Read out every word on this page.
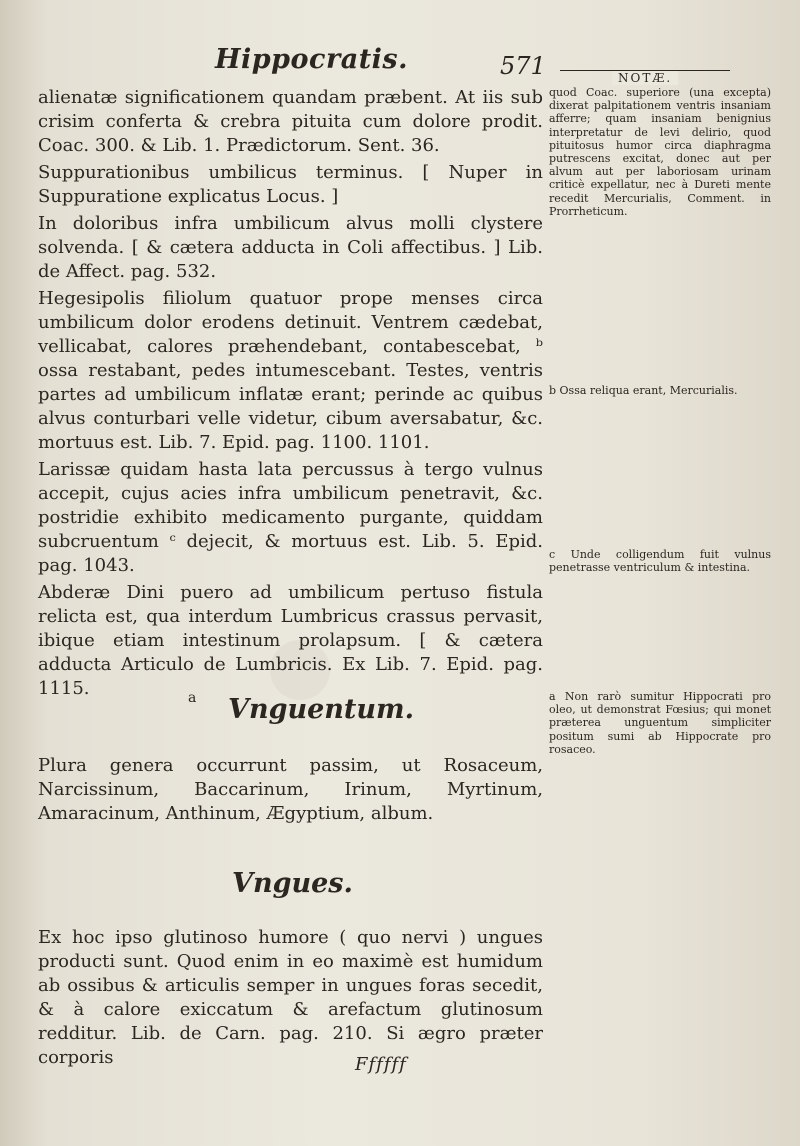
Hippocratis.	571	NOTÆ.

alienatæ significationem quandam præbent. At iis sub crisim conferta & crebra pituita cum dolore prodit. Coac. 300. & Lib. 1. Prædictorum. Sent. 36.

Suppurationibus umbilicus terminus. [ Nuper in Suppuratione explicatus Locus. ]

In doloribus infra umbilicum alvus molli clystere solvenda. [ & cætera adducta in Coli affectibus. ] Lib. de Affect. pag. 532.

Hegesipolis filiolum quatuor prope menses circa umbilicum dolor erodens detinuit. Ventrem cædebat, vellicabat, calores præhendebant, contabescebat, ᵇ ossa restabant, pedes intumescebant. Testes, ventris partes ad umbilicum inflatæ erant; perinde ac quibus alvus conturbari velle videtur, cibum aversabatur, &c. mortuus est. Lib. 7. Epid. pag. 1100. 1101.

Larissæ quidam hasta lata percussus à tergo vulnus accepit, cujus acies infra umbilicum penetravit, &c. postridie exhibito medicamento purgante, quiddam subcruentum ᶜ dejecit, & mortuus est. Lib. 5. Epid. pag. 1043.

Abderæ Dini puero ad umbilicum pertuso fistula relicta est, qua interdum Lumbricus crassus pervasit, ibique etiam intestinum prolapsum. [ & cætera adducta Articulo de Lumbricis. Ex Lib. 7. Epid. pag. 1115.

quod Coac. superiore (una excepta) dixerat palpitationem ventris insaniam afferre; quam insaniam benignius interpretatur de levi delirio, quod pituitosus humor circa diaphragma putrescens excitat, donec aut per alvum aut per laboriosam urinam criticè expellatur, nec à Dureti mente recedit Mercurialis, Comment. in Prorrheticum.

b Ossa reliqua erant, Mercurialis.

c Unde colligendum fuit vulnus penetrasse ventriculum & intestina.

a Non rarò sumitur Hippocrati pro oleo, ut demonstrat Fœsius; qui monet præterea unguentum simpliciter positum sumi ab Hippocrate pro rosaceo.

a Vnguentum.

Plura genera occurrunt passim, ut Rosaceum, Narcissinum, Baccarinum, Irinum, Myrtinum, Amaracinum, Anthinum, Ægyptium, album.

Vngues.

Ex hoc ipso glutinoso humore ( quo nervi ) ungues producti sunt. Quod enim in eo maximè est humidum ab ossibus & articulis semper in ungues foras secedit, & à calore exiccatum & arefactum glutinosum redditur. Lib. de Carn. pag. 210. Si ægro præter corporis	Ffffff
